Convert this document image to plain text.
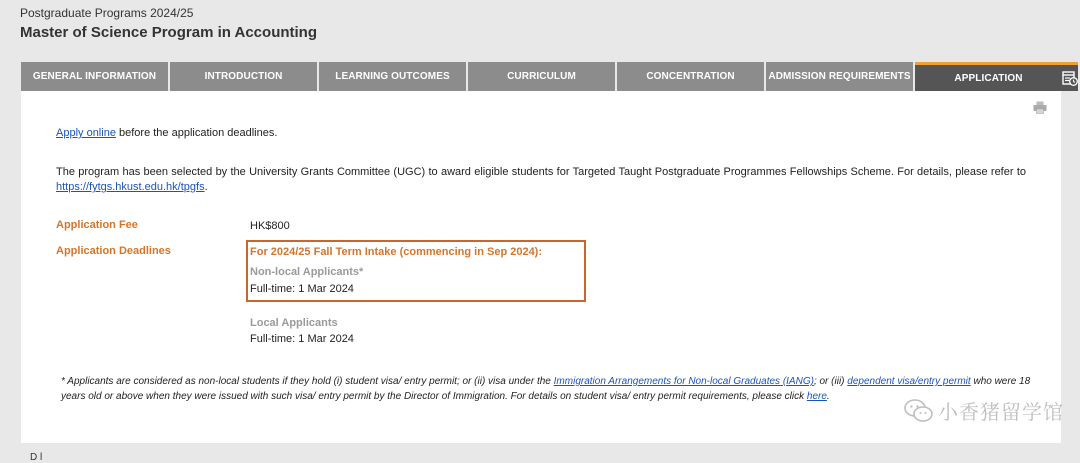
Postgraduate Programs 2024/25
Master of Science Program in Accounting
GENERAL INFORMATION	INTRODUCTION	LEARNING OUTCOMES	CURRICULUM	CONCENTRATION	ADMISSION REQUIREMENTS	APPLICATION
Apply online before the application deadlines.
The program has been selected by the University Grants Committee (UGC) to award eligible students for Targeted Taught Postgraduate Programmes Fellowships Scheme. For details, please refer to https://fytgs.hkust.edu.hk/tpgfs.
Application Fee	HK$800
Application Deadlines	For 2024/25 Fall Term Intake (commencing in Sep 2024):
Non-local Applicants*
Full-time: 1 Mar 2024
Local Applicants
Full-time: 1 Mar 2024
* Applicants are considered as non-local students if they hold (i) student visa/ entry permit; or (ii) visa under the Immigration Arrangements for Non-local Graduates (IANG); or (iii) dependent visa/entry permit who were 18 years old or above when they were issued with such visa/ entry permit by the Director of Immigration. For details on student visa/ entry permit requirements, please click here.
小香猪留学馆
D l
